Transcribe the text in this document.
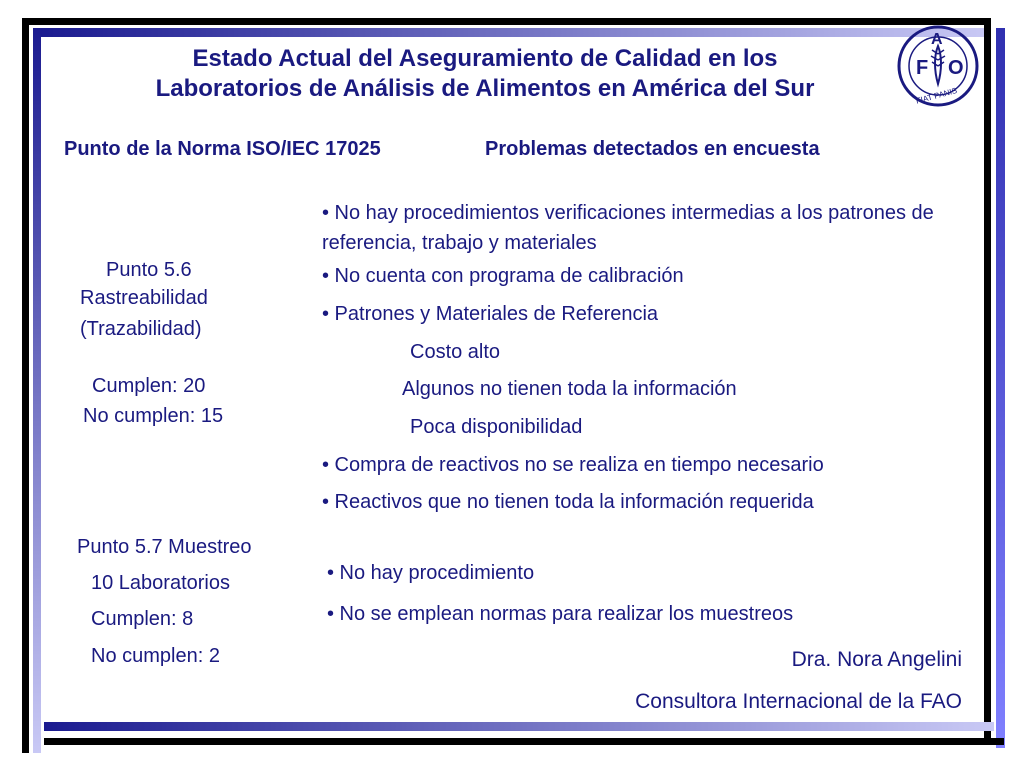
Estado Actual del Aseguramiento de Calidad en los
Laboratorios de Análisis de Alimentos en América del Sur
F
A
O
FIAT PANIS
Punto de la Norma ISO/IEC 17025	Problemas detectados en encuesta
Punto 5.6
Rastreabilidad
(Trazabilidad)
Cumplen: 20
No cumplen: 15
• No hay procedimientos verificaciones intermedias a los patrones de referencia, trabajo y materiales
• No cuenta con programa de calibración
• Patrones y Materiales de Referencia
Costo alto
Algunos no tienen toda la información
Poca disponibilidad
• Compra de reactivos no se realiza en tiempo necesario
• Reactivos que no tienen toda la información requerida
Punto 5.7 Muestreo
10 Laboratorios
Cumplen: 8
No cumplen: 2
• No hay procedimiento
• No se emplean normas para realizar los muestreos
Dra. Nora Angelini
Consultora Internacional de la FAO
